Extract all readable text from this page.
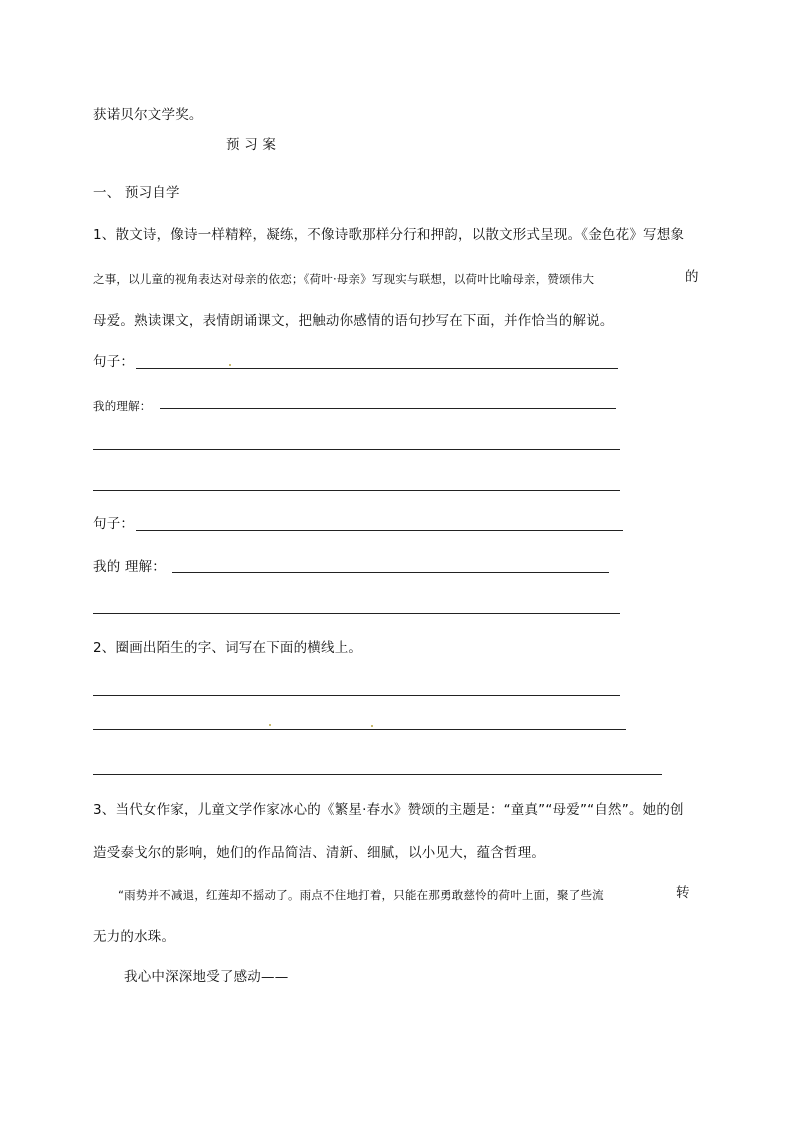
获诺贝尔文学奖。
预 习 案
一、 预习自学
1、散文诗，像诗一样精粹，凝练，不像诗歌那样分行和押韵，以散文形式呈现。《金色花》写想象
之事，以儿童的视角表达对母亲的依恋；《荷叶·母亲》写现实与联想，以荷叶比喻母亲，赞颂伟大	的
母爱。熟读课文，表情朗诵课文，把触动你感情的语句抄写在下面，并作恰当的解说。
句子：
我的理解：
句子：
我的 理解：
2、圈画出陌生的字、词写在下面的横线上。
3、当代女作家，儿童文学作家冰心的《繁星·春水》赞颂的主题是：“童真”“母爱”“自然”。她的创
造受泰戈尔的影响，她们的作品简洁、清新、细腻，以小见大，蕴含哲理。
“雨势并不减退，红莲却不摇动了。雨点不住地打着，只能在那勇敢慈怜的荷叶上面，聚了些流	转
无力的水珠。
我心中深深地受了感动——
